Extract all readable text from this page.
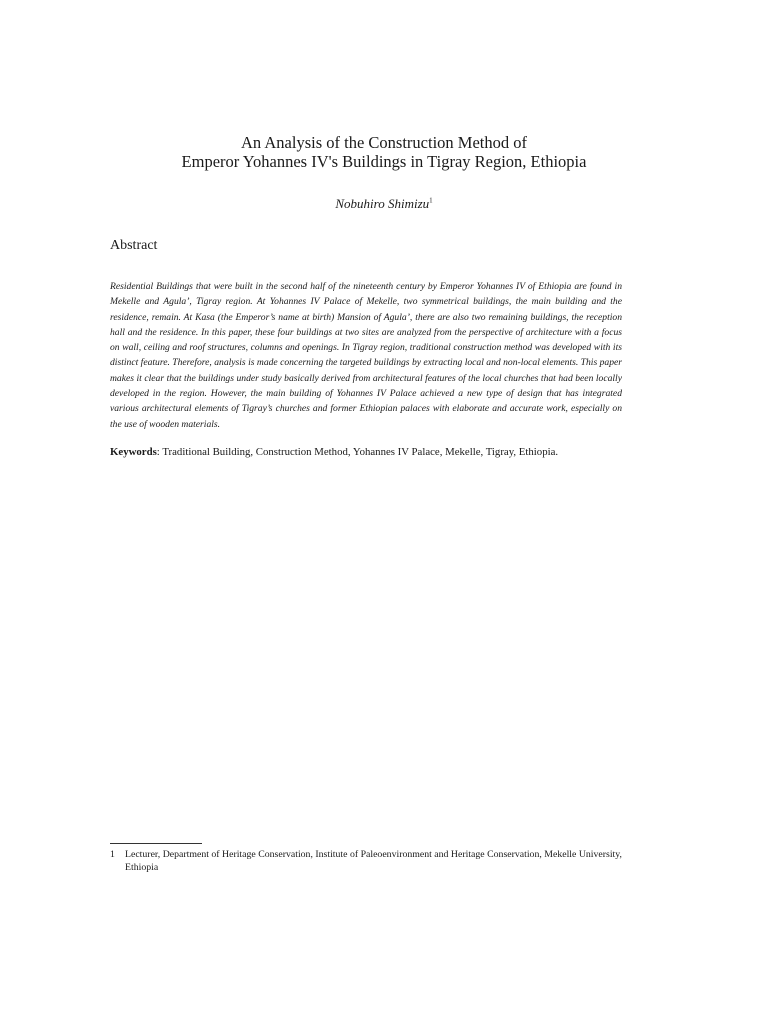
An Analysis of the Construction Method of
Emperor Yohannes IV's Buildings in Tigray Region, Ethiopia
Nobuhiro Shimizu$^1$
Abstract

Residential Buildings that were built in the second half of the nineteenth century by Emperor Yohannes IV of Ethiopia are found in Mekelle and Agula’, Tigray region. At Yohannes IV Palace of Mekelle, two symmetrical buildings, the main building and the residence, remain. At Kasa (the Emperor’s name at birth) Mansion of Agula’, there are also two remaining buildings, the reception hall and the residence. In this paper, these four buildings at two sites are analyzed from the perspective of architecture with a focus on wall, ceiling and roof structures, columns and openings. In Tigray region, traditional construction method was developed with its distinct feature. Therefore, analysis is made concerning the targeted buildings by extracting local and non-local elements. This paper makes it clear that the buildings under study basically derived from architectural features of the local churches that had been locally developed in the region. However, the main building of Yohannes IV Palace achieved a new type of design that has integrated various architectural elements of Tigray’s churches and former Ethiopian palaces with elaborate and accurate work, especially on the use of wooden materials.

Keywords: Traditional Building, Construction Method, Yohannes IV Palace, Mekelle, Tigray, Ethiopia.
1 Lecturer, Department of Heritage Conservation, Institute of Paleoenvironment and Heritage Conservation, Mekelle University, Ethiopia
